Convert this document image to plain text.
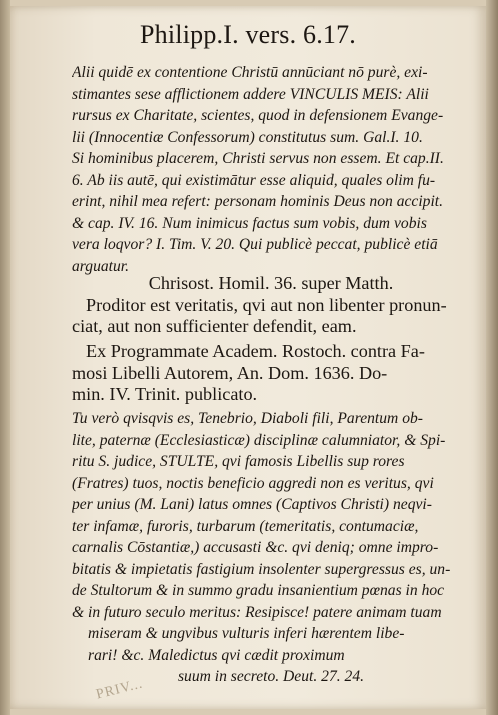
Philipp.I. vers. 6.17.
Alii quidē ex contentione Christū annūciant nō purè, exi-
stimantes sese afflictionem addere VINCULIS MEIS: Alii
rursus ex Charitate, scientes, quod in defensionem Evange-
lii (Innocentiæ Confessorum) constitutus sum. Gal.I. 10.
Si hominibus placerem, Christi servus non essem. Et cap.II.
6. Ab iis autē, qui existimātur esse aliquid, quales olim fu-
erint, nihil mea refert: personam hominis Deus non accipit.
& cap. IV. 16. Num inimicus factus sum vobis, dum vobis
vera loqvor? I. Tim. V. 20. Qui publicè peccat, publicè etiā
arguatur.
Chrisost. Homil. 36. super Matth.
Proditor est veritatis, qvi aut non libenter pronun-
ciat, aut non sufficienter defendit, eam.
Ex Programmate Academ. Rostoch. contra Fa-
mosi Libelli Autorem, An. Dom. 1636. Do-
min. IV. Trinit. publicato.
Tu verò qvisqvis es, Tenebrio, Diaboli fili, Parentum ob-
lite, paternæ (Ecclesiasticæ) disciplinæ calumniator, & Spi-
ritu S. judice, STULTE, qvi famosis Libellis sup rores
(Fratres) tuos, noctis beneficio aggredi non es veritus, qvi
per unius (M. Lani) latus omnes (Captivos Christi) neqvi-
ter infamæ, furoris, turbarum (temeritatis, contumaciæ,
carnalis Cōstantiæ,) accusasti &c. qvi deniq; omne impro-
bitatis & impietatis fastigium insolenter supergressus es, un-
de Stultorum & in summo gradu insanientium pœnas in hoc
& in futuro seculo meritus: Resipisce! patere animam tuam
miseram & ungvibus vulturis inferi hærentem libe-
rari! &c. Maledictus qvi cædit proximum
suum in secreto. Deut. 27. 24.
PRIV...
